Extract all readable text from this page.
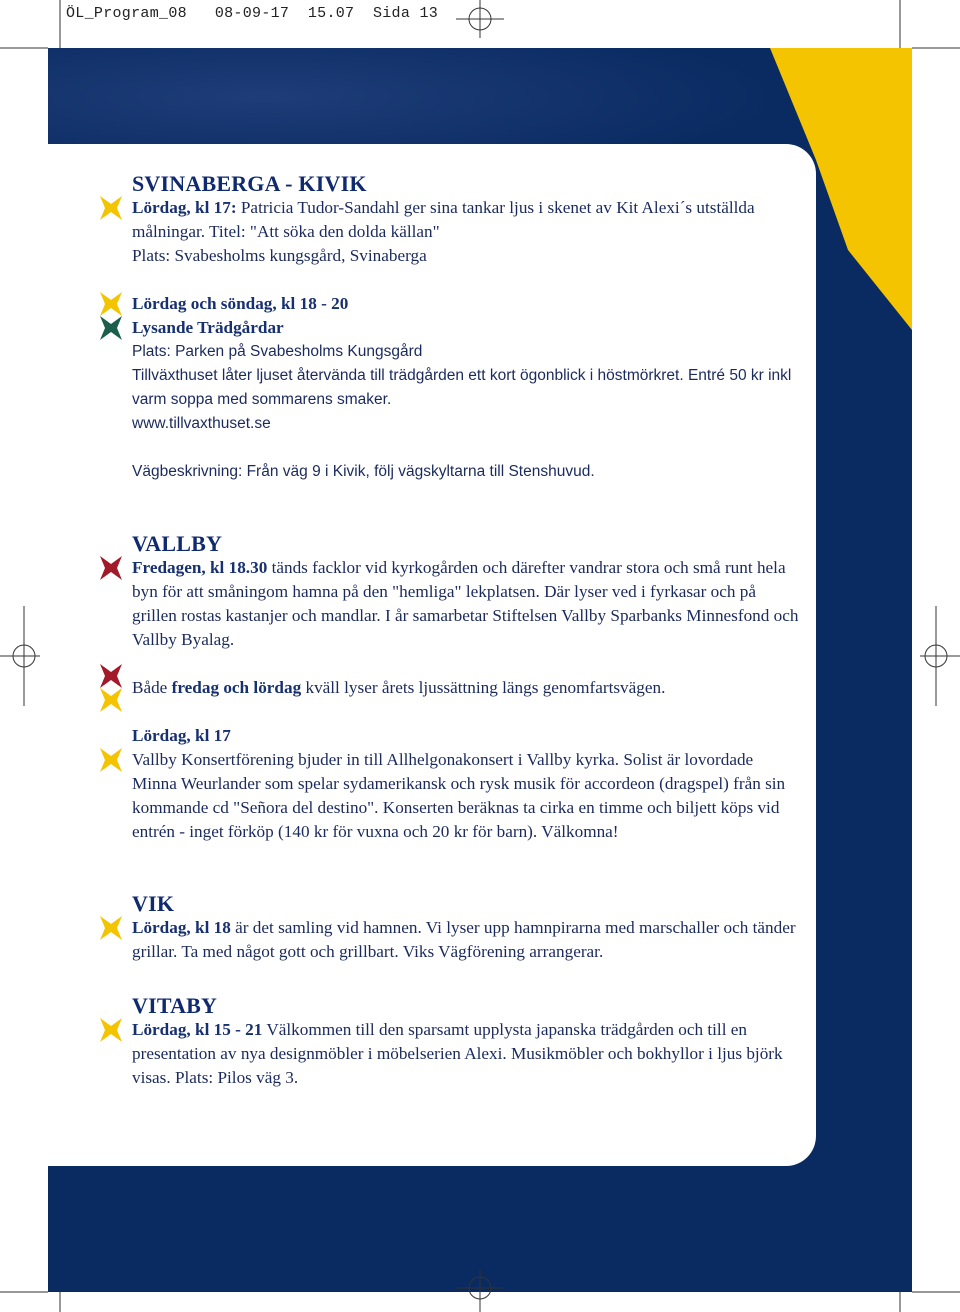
ÖL_Program_08   08-09-17  15.07  Sida 13
SVINABERGA - KIVIK

Lördag, kl 17: Patricia Tudor-Sandahl ger sina tankar ljus i skenet av Kit Alexi´s utställda målningar. Titel: "Att söka den dolda källan"

Plats: Svabesholms kungsgård, Svinaberga

Lördag och söndag, kl 18 - 20

Lysande Trädgårdar

Plats: Parken på Svabesholms Kungsgård

Tillväxthuset låter ljuset återvända till trädgården ett kort ögonblick i höstmörkret. Entré 50 kr inkl varm soppa med sommarens smaker.

www.tillvaxthuset.se

Vägbeskrivning: Från väg 9 i Kivik, följ vägskyltarna till Stenshuvud.

VALLBY

Fredagen, kl 18.30 tänds facklor vid kyrkogården och därefter vandrar stora och små runt hela byn för att småningom hamna på den "hemliga" lekplatsen. Där lyser ved i fyrkasar och på grillen rostas kastanjer och mandlar. I år samarbetar Stiftelsen Vallby Sparbanks Minnesfond och Vallby Byalag.

Både fredag och lördag kväll lyser årets ljussättning längs genomfartsvägen.

Lördag, kl 17

Vallby Konsertförening bjuder in till Allhelgonakonsert i Vallby kyrka. Solist är lovordade Minna Weurlander som spelar sydamerikansk och rysk musik för accordeon (dragspel) från sin kommande cd "Señora del destino". Konserten beräknas ta cirka en timme och biljett köps vid entrén - inget förköp (140 kr för vuxna och 20 kr för barn). Välkomna!

VIK

Lördag, kl 18 är det samling vid hamnen. Vi lyser upp hamnpirarna med marschaller och tänder grillar. Ta med något gott och grillbart. Viks Vägförening arrangerar.

VITABY

Lördag, kl 15 - 21 Välkommen till den sparsamt upplysta japanska trädgården och till en presentation av nya designmöbler i möbelserien Alexi. Musikmöbler och bokhyllor i ljus björk visas. Plats: Pilos väg 3.
